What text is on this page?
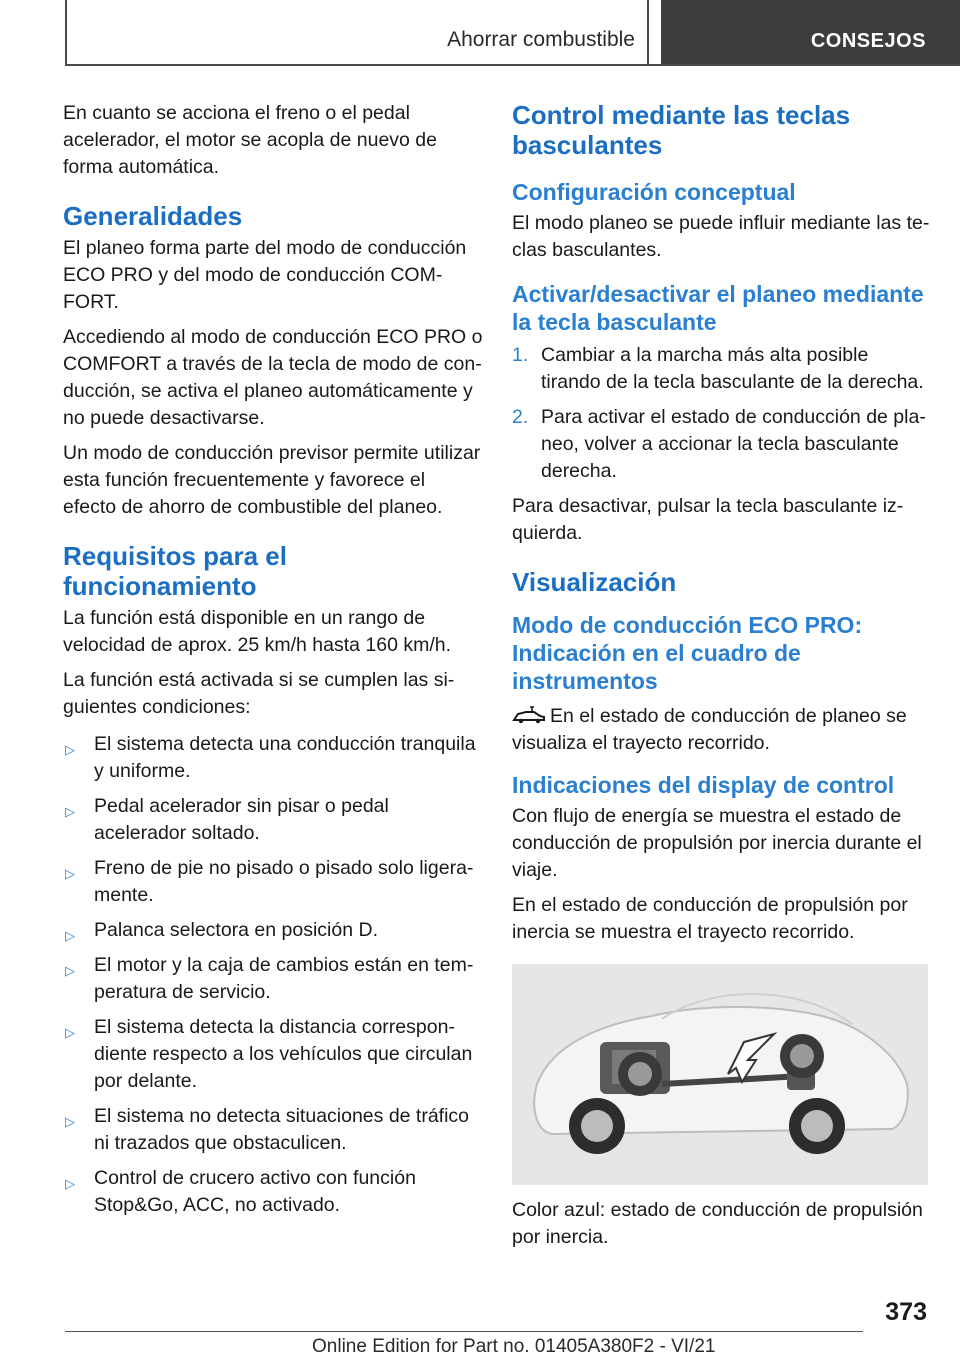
Ahorrar combustible	CONSEJOS

En cuanto se acciona el freno o el pedal acelerador, el motor se acopla de nuevo de forma automática.

Generalidades

El planeo forma parte del modo de conducción ECO PRO y del modo de conducción COMFORT.

Accediendo al modo de conducción ECO PRO o COMFORT a través de la tecla de modo de conducción, se activa el planeo automáticamente y no puede desactivarse.

Un modo de conducción previsor permite utilizar esta función frecuentemente y favorece el efecto de ahorro de combustible del planeo.

Requisitos para el funcionamiento

La función está disponible en un rango de velocidad de aprox. 25 km/h hasta 160 km/h.

La función está activada si se cumplen las siguientes condiciones:

▷ El sistema detecta una conducción tranquila y uniforme.
▷ Pedal acelerador sin pisar o pedal acelerador soltado.
▷ Freno de pie no pisado o pisado solo ligeramente.
▷ Palanca selectora en posición D.
▷ El motor y la caja de cambios están en temperatura de servicio.
▷ El sistema detecta la distancia correspondiente respecto a los vehículos que circulan por delante.
▷ El sistema no detecta situaciones de tráfico ni trazados que obstaculicen.
▷ Control de crucero activo con función Stop&Go, ACC, no activado.
Control mediante las teclas basculantes
Configuración conceptual

El modo planeo se puede influir mediante las teclas basculantes.

Activar/desactivar el planeo mediante la tecla basculante
1. Cambiar a la marcha más alta posible tirando de la tecla basculante de la derecha.
2. Para activar el estado de conducción de planeo, volver a accionar la tecla basculante derecha.

Para desactivar, pulsar la tecla basculante izquierda.

Visualización
Modo de conducción ECO PRO: Indicación en el cuadro de instrumentos

En el estado de conducción de planeo se visualiza el trayecto recorrido.

Indicaciones del display de control

Con flujo de energía se muestra el estado de conducción de propulsión por inercia durante el viaje.

En el estado de conducción de propulsión por inercia se muestra el trayecto recorrido.

Color azul: estado de conducción de propulsión por inercia.

373
Online Edition for Part no. 01405A380F2 - VI/21
